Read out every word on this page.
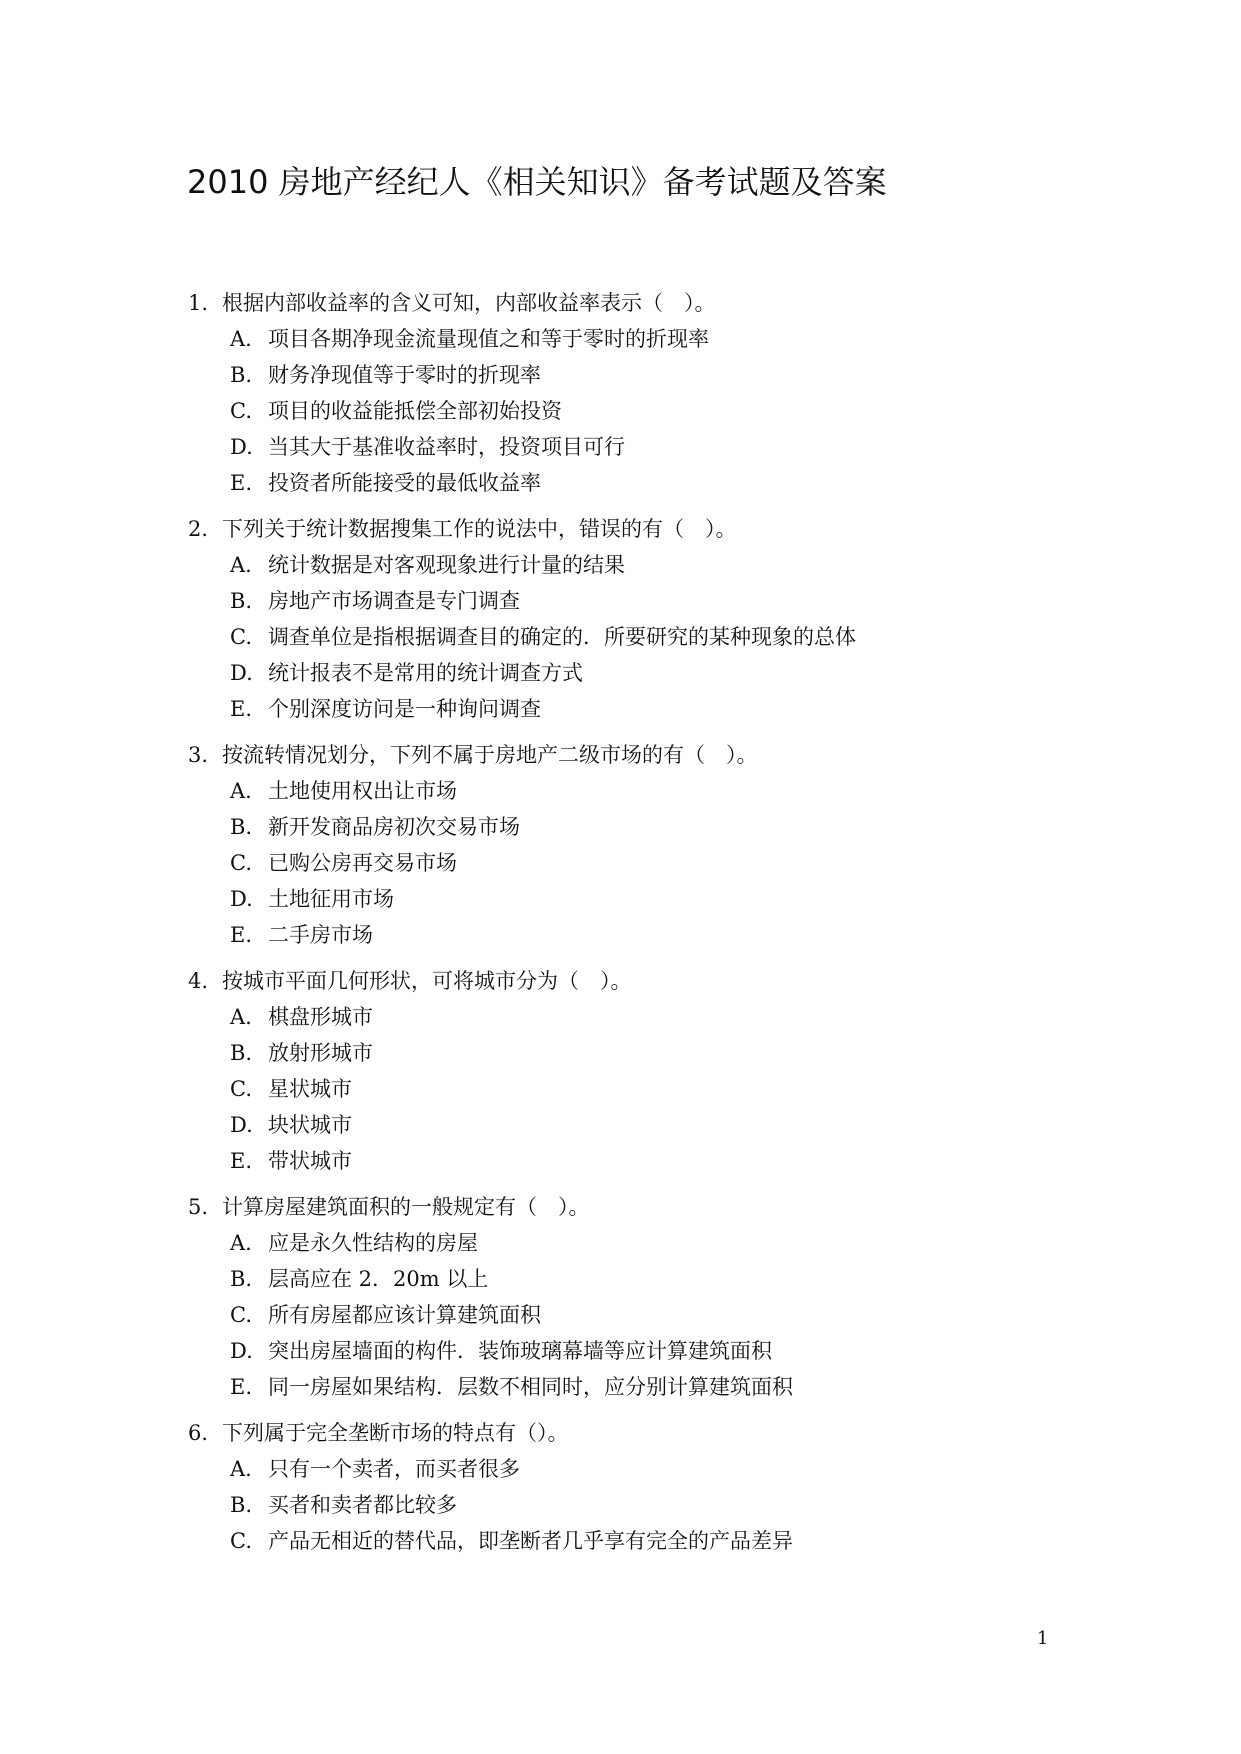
2010 房地产经纪人《相关知识》备考试题及答案
1. 根据内部收益率的含义可知，内部收益率表示（　）。
A. 项目各期净现金流量现值之和等于零时的折现率
B. 财务净现值等于零时的折现率
C. 项目的收益能抵偿全部初始投资
D. 当其大于基准收益率时，投资项目可行
E. 投资者所能接受的最低收益率
2. 下列关于统计数据搜集工作的说法中，错误的有（　）。
A. 统计数据是对客观现象进行计量的结果
B. 房地产市场调查是专门调查
C. 调查单位是指根据调查目的确定的．所要研究的某种现象的总体
D. 统计报表不是常用的统计调查方式
E. 个别深度访问是一种询问调查
3. 按流转情况划分，下列不属于房地产二级市场的有（　）。
A. 土地使用权出让市场
B. 新开发商品房初次交易市场
C. 已购公房再交易市场
D. 土地征用市场
E. 二手房市场
4. 按城市平面几何形状，可将城市分为（　）。
A. 棋盘形城市
B. 放射形城市
C. 星状城市
D. 块状城市
E. 带状城市
5. 计算房屋建筑面积的一般规定有（　）。
A. 应是永久性结构的房屋
B. 层高应在 2．20m 以上
C. 所有房屋都应该计算建筑面积
D. 突出房屋墙面的构件．装饰玻璃幕墙等应计算建筑面积
E. 同一房屋如果结构．层数不相同时，应分别计算建筑面积
6. 下列属于完全垄断市场的特点有（）。
A. 只有一个卖者，而买者很多
B. 买者和卖者都比较多
C. 产品无相近的替代品，即垄断者几乎享有完全的产品差异
1
